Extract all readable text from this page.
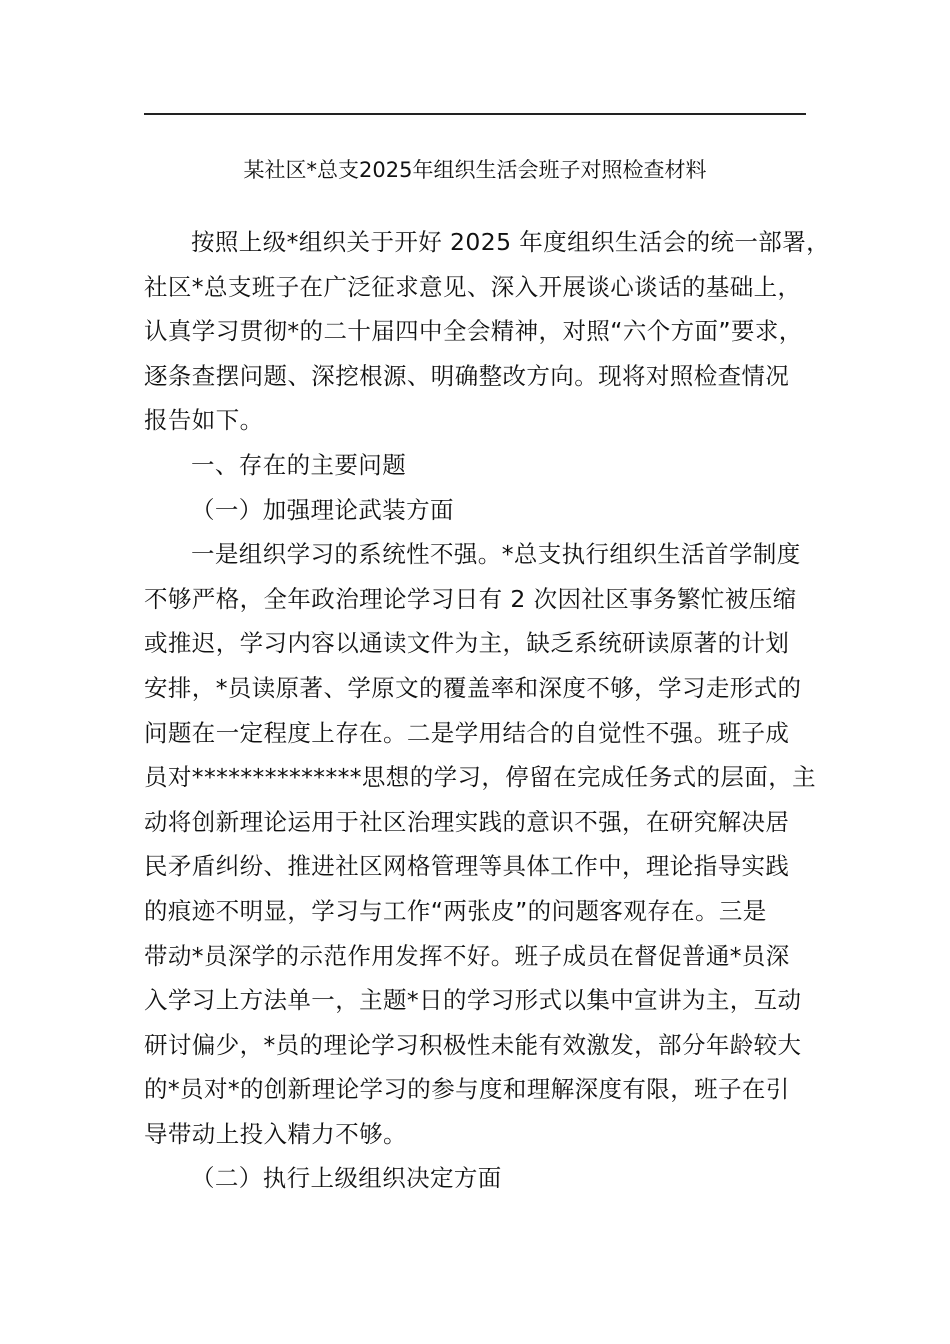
某社区*总支2025年组织生活会班子对照检查材料

按照上级*组织关于开好 2025 年度组织生活会的统一部署，
社区*总支班子在广泛征求意见、深入开展谈心谈话的基础上，
认真学习贯彻*的二十届四中全会精神，对照“六个方面”要求，
逐条查摆问题、深挖根源、明确整改方向。现将对照检查情况
报告如下。

一、存在的主要问题

（一）加强理论武装方面

一是组织学习的系统性不强。*总支执行组织生活首学制度
不够严格，全年政治理论学习日有 2 次因社区事务繁忙被压缩
或推迟，学习内容以通读文件为主，缺乏系统研读原著的计划
安排，*员读原著、学原文的覆盖率和深度不够，学习走形式的
问题在一定程度上存在。二是学用结合的自觉性不强。班子成
员对**************思想的学习，停留在完成任务式的层面，主
动将创新理论运用于社区治理实践的意识不强，在研究解决居
民矛盾纠纷、推进社区网格管理等具体工作中，理论指导实践
的痕迹不明显，学习与工作“两张皮”的问题客观存在。三是
带动*员深学的示范作用发挥不好。班子成员在督促普通*员深
入学习上方法单一，主题*日的学习形式以集中宣讲为主，互动
研讨偏少，*员的理论学习积极性未能有效激发，部分年龄较大
的*员对*的创新理论学习的参与度和理解深度有限，班子在引
导带动上投入精力不够。

（二）执行上级组织决定方面
